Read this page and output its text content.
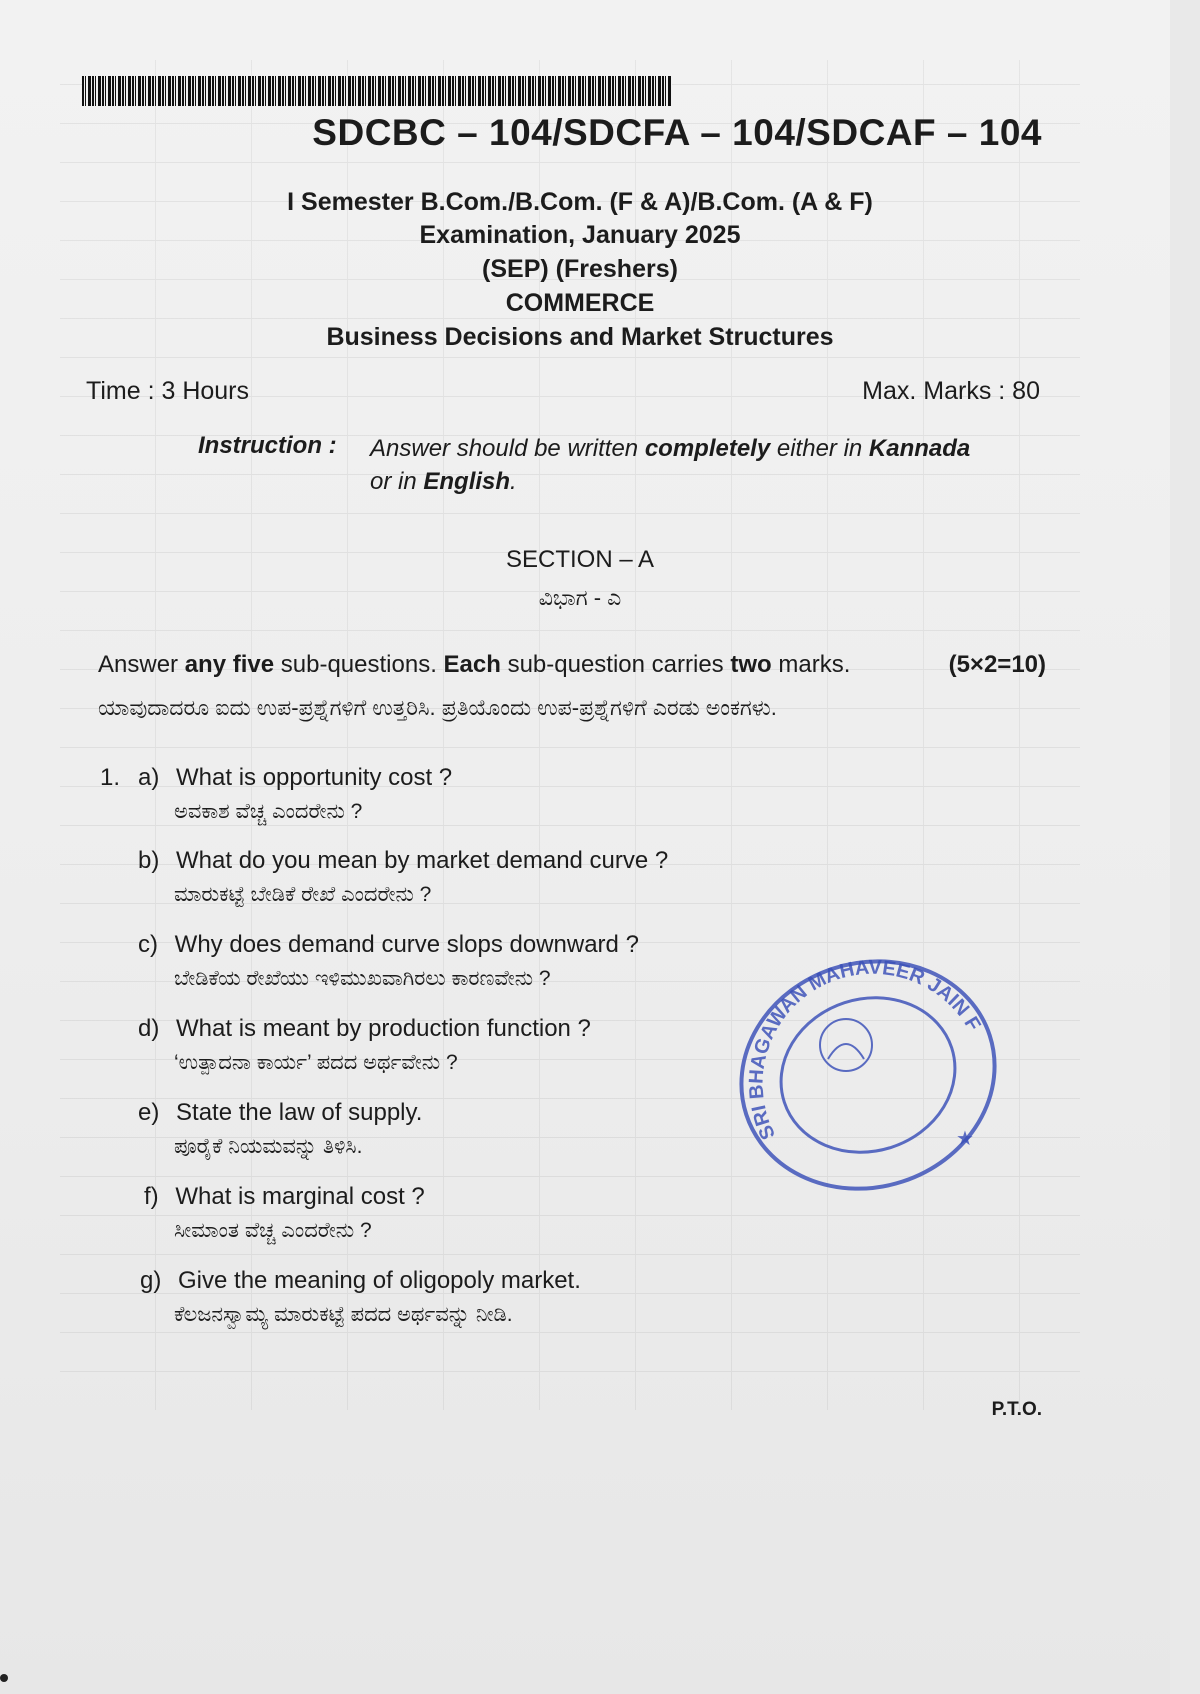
SDCBC – 104/SDCFA – 104/SDCAF – 104
I Semester B.Com./B.Com. (F & A)/B.Com. (A & F)
Examination, January 2025
(SEP) (Freshers)
COMMERCE
Business Decisions and Market Structures
Time : 3 Hours	Max. Marks : 80
Instruction : Answer should be written completely either in Kannada
or in English.
SECTION – A
ವಿಭಾಗ - ಎ
Answer any five sub-questions. Each sub-question carries two marks.	(5×2=10)
ಯಾವುದಾದರೂ ಐದು ಉಪ-ಪ್ರಶ್ನೆಗಳಿಗೆ ಉತ್ತರಿಸಿ. ಪ್ರತಿಯೊಂದು ಉಪ-ಪ್ರಶ್ನೆಗಳಿಗೆ ಎರಡು ಅಂಕಗಳು.
1. a) What is opportunity cost ?
ಅವಕಾಶ ವೆಚ್ಚ ಎಂದರೇನು ?
b) What do you mean by market demand curve ?
ಮಾರುಕಟ್ಟೆ ಬೇಡಿಕೆ ರೇಖೆ ಎಂದರೇನು ?
c) Why does demand curve slops downward ?
ಬೇಡಿಕೆಯ ರೇಖೆಯು ಇಳಿಮುಖವಾಗಿರಲು ಕಾರಣವೇನು ?
d) What is meant by production function ?
‘ಉತ್ಪಾದನಾ ಕಾರ್ಯ’ ಪದದ ಅರ್ಥವೇನು ?
e) State the law of supply.
ಪೂರೈಕೆ ನಿಯಮವನ್ನು ತಿಳಿಸಿ.
f) What is marginal cost ?
ಸೀಮಾಂತ ವೆಚ್ಚ ಎಂದರೇನು ?
g) Give the meaning of oligopoly market.
ಕೆಲಜನಸ್ವಾಮ್ಯ ಮಾರುಕಟ್ಟೆ ಪದದ ಅರ್ಥವನ್ನು ನೀಡಿ.
SRI BHAGAWAN MAHAVEER JAIN FIRST
★
P.T.O.
